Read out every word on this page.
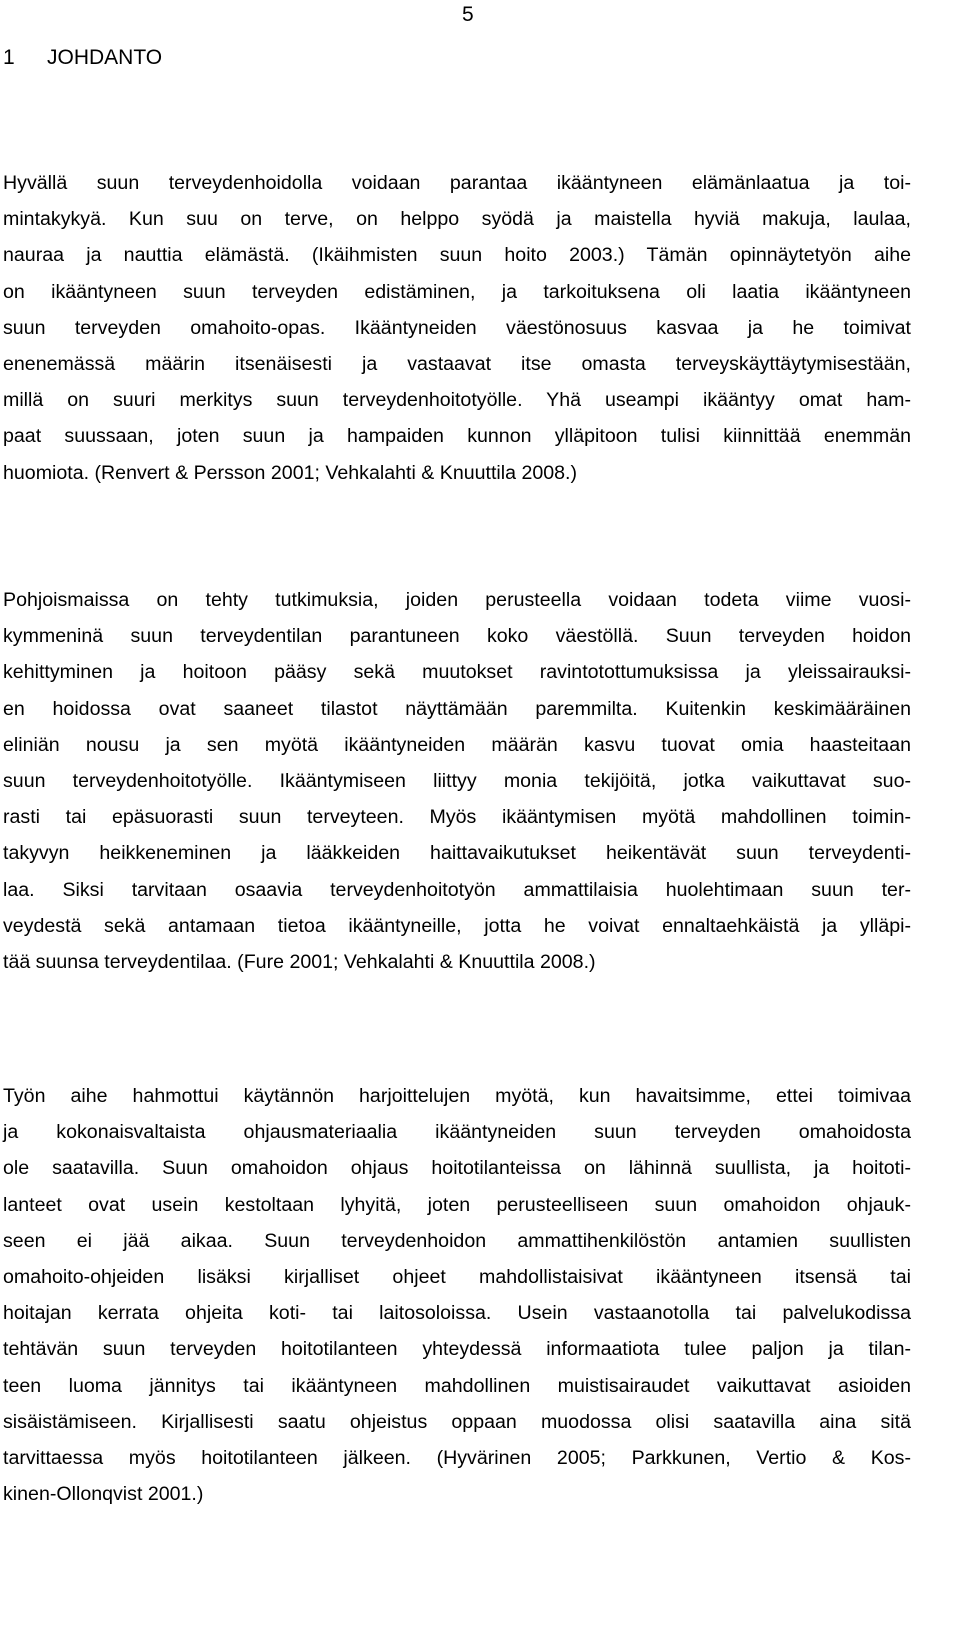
5
1 JOHDANTO
Hyvällä suun terveydenhoidolla voidaan parantaa ikääntyneen elämänlaatua ja toi-
mintakykyä. Kun suu on terve, on helppo syödä ja maistella hyviä makuja, laulaa,
nauraa ja nauttia elämästä. (Ikäihmisten suun hoito 2003.) Tämän opinnäytetyön aihe
on ikääntyneen suun terveyden edistäminen, ja tarkoituksena oli laatia ikääntyneen
suun terveyden omahoito-opas. Ikääntyneiden väestönosuus kasvaa ja he toimivat
enenemässä määrin itsenäisesti ja vastaavat itse omasta terveyskäyttäytymisestään,
millä on suuri merkitys suun terveydenhoitotyölle. Yhä useampi ikääntyy omat ham-
paat suussaan, joten suun ja hampaiden kunnon ylläpitoon tulisi kiinnittää enemmän
huomiota. (Renvert & Persson 2001; Vehkalahti & Knuuttila 2008.)
Pohjoismaissa on tehty tutkimuksia, joiden perusteella voidaan todeta viime vuosi-
kymmeninä suun terveydentilan parantuneen koko väestöllä. Suun terveyden hoidon
kehittyminen ja hoitoon pääsy sekä muutokset ravintotottumuksissa ja yleissairauksi-
en hoidossa ovat saaneet tilastot näyttämään paremmilta. Kuitenkin keskimääräinen
eliniän nousu ja sen myötä ikääntyneiden määrän kasvu tuovat omia haasteitaan
suun terveydenhoitotyölle. Ikääntymiseen liittyy monia tekijöitä, jotka vaikuttavat suo-
rasti tai epäsuorasti suun terveyteen. Myös ikääntymisen myötä mahdollinen toimin-
takyvyn heikkeneminen ja lääkkeiden haittavaikutukset heikentävät suun terveydenti-
laa. Siksi tarvitaan osaavia terveydenhoitotyön ammattilaisia huolehtimaan suun ter-
veydestä sekä antamaan tietoa ikääntyneille, jotta he voivat ennaltaehkäistä ja ylläpi-
tää suunsa terveydentilaa. (Fure 2001; Vehkalahti & Knuuttila 2008.)
Työn aihe hahmottui käytännön harjoittelujen myötä, kun havaitsimme, ettei toimivaa
ja kokonaisvaltaista ohjausmateriaalia ikääntyneiden suun terveyden omahoidosta
ole saatavilla. Suun omahoidon ohjaus hoitotilanteissa on lähinnä suullista, ja hoitoti-
lanteet ovat usein kestoltaan lyhyitä, joten perusteelliseen suun omahoidon ohjauk-
seen ei jää aikaa. Suun terveydenhoidon ammattihenkilöstön antamien suullisten
omahoito-ohjeiden lisäksi kirjalliset ohjeet mahdollistaisivat ikääntyneen itsensä tai
hoitajan kerrata ohjeita koti- tai laitosoloissa. Usein vastaanotolla tai palvelukodissa
tehtävän suun terveyden hoitotilanteen yhteydessä informaatiota tulee paljon ja tilan-
teen luoma jännitys tai ikääntyneen mahdollinen muistisairaudet vaikuttavat asioiden
sisäistämiseen. Kirjallisesti saatu ohjeistus oppaan muodossa olisi saatavilla aina sitä
tarvittaessa myös hoitotilanteen jälkeen. (Hyvärinen 2005; Parkkunen, Vertio & Kos-
kinen-Ollonqvist 2001.)
